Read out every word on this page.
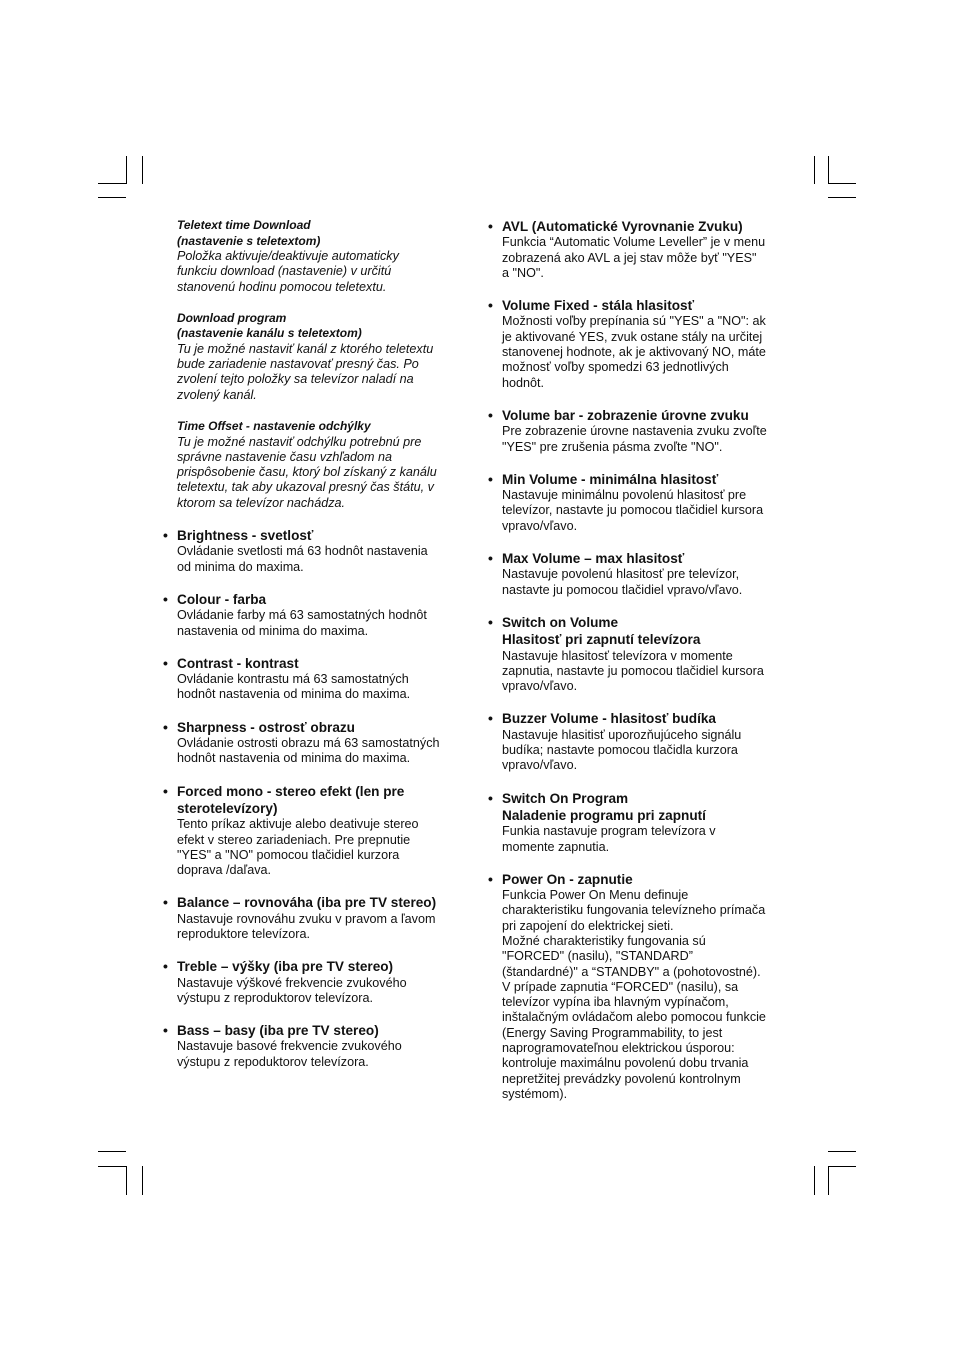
Teletext time Download
(nastavenie s teletextom)
Položka aktivuje/deaktivuje automaticky
funkciu download (nastavenie) v určitú
stanovenú hodinu pomocou teletextu.
Download program
(nastavenie kanálu s teletextom)
Tu je možné nastaviť kanál z ktorého teletextu
bude zariadenie nastavovať presný čas. Po
zvolení tejto položky sa televízor naladí na
zvolený kanál.
Time Offset - nastavenie odchýlky
Tu je možné nastaviť odchýlku potrebnú pre
správne nastavenie času vzhľadom na
prispôsobenie času, ktorý bol získaný z kanálu
teletextu, tak aby ukazoval presný čas štátu, v
ktorom sa televízor nachádza.
• Brightness - svetlosť
Ovládanie svetlosti má 63 hodnôt nastavenia
od minima do maxima.
• Colour - farba
Ovládanie farby má 63 samostatných hodnôt
nastavenia od minima do maxima.
• Contrast - kontrast
Ovládanie kontrastu má 63 samostatných
hodnôt nastavenia od minima do maxima.
• Sharpness - ostrosť obrazu
Ovládanie ostrosti obrazu má 63 samostatných
hodnôt nastavenia od minima do maxima.
• Forced mono - stereo efekt (len pre
sterotelevízory)
Tento príkaz aktivuje alebo deativuje stereo
efekt v stereo zariadeniach. Pre prepnutie
"YES" a "NO" pomocou tlačidiel kurzora
doprava /daľava.
• Balance – rovnováha (iba pre TV stereo)
Nastavuje rovnováhu zvuku v pravom a ľavom
reproduktore televízora.
• Treble – výšky (iba pre TV stereo)
Nastavuje výškové frekvencie zvukového
výstupu z reproduktorov televízora.
• Bass – basy (iba pre TV stereo)
Nastavuje basové frekvencie zvukového
výstupu z repoduktorov televízora.
• AVL (Automatické Vyrovnanie Zvuku)
Funkcia “Automatic Volume Leveller” je v menu
zobrazená ako AVL a jej stav môže byť "YES"
a "NO".
• Volume Fixed - stála hlasitosť
Možnosti voľby prepínania sú "YES" a "NO": ak
je aktivované YES, zvuk ostane stály na určitej
stanovenej hodnote, ak je aktivovaný NO, máte
možnosť voľby spomedzi 63 jednotlivých
hodnôt.
• Volume bar - zobrazenie úrovne zvuku
Pre zobrazenie úrovne nastavenia zvuku zvoľte
"YES" pre zrušenia pásma zvoľte "NO".
• Min Volume - minimálna hlasitosť
Nastavuje minimálnu povolenú hlasitosť pre
televízor, nastavte ju pomocou tlačidiel kursora
vpravo/vľavo.
• Max Volume – max hlasitosť
Nastavuje povolenú hlasitosť pre televízor,
nastavte ju pomocou tlačidiel vpravo/vľavo.
• Switch on Volume
Hlasitosť pri zapnutí televízora
Nastavuje hlasitosť televízora v momente
zapnutia, nastavte ju pomocou tlačidiel kursora
vpravo/vľavo.
• Buzzer Volume - hlasitosť budíka
Nastavuje hlasitisť uporozňujúceho signálu
budíka; nastavte pomocou tlačidla kurzora
vpravo/vľavo.
• Switch On Program
Naladenie programu pri zapnutí
Funkia nastavuje program televízora v
momente zapnutia.
• Power On - zapnutie
Funkcia Power On Menu definuje
charakteristiku fungovania televízneho prímača
pri zapojení do elektrickej sieti.
Možné charakteristiky fungovania sú
"FORCED" (nasilu), "STANDARD”
(štandardné)" a “STANDBY" a (pohotovostné).
V prípade zapnutia “FORCED" (nasilu), sa
televízor vypína iba hlavným vypínačom,
inštalačným ovládačom alebo pomocou funkcie
(Energy Saving Programmability, to jest
naprogramovateľnou elektrickou úsporou:
kontroluje maximálnu povolenú dobu trvania
nepretžitej prevádzky povolenú kontrolnym
systémom).
